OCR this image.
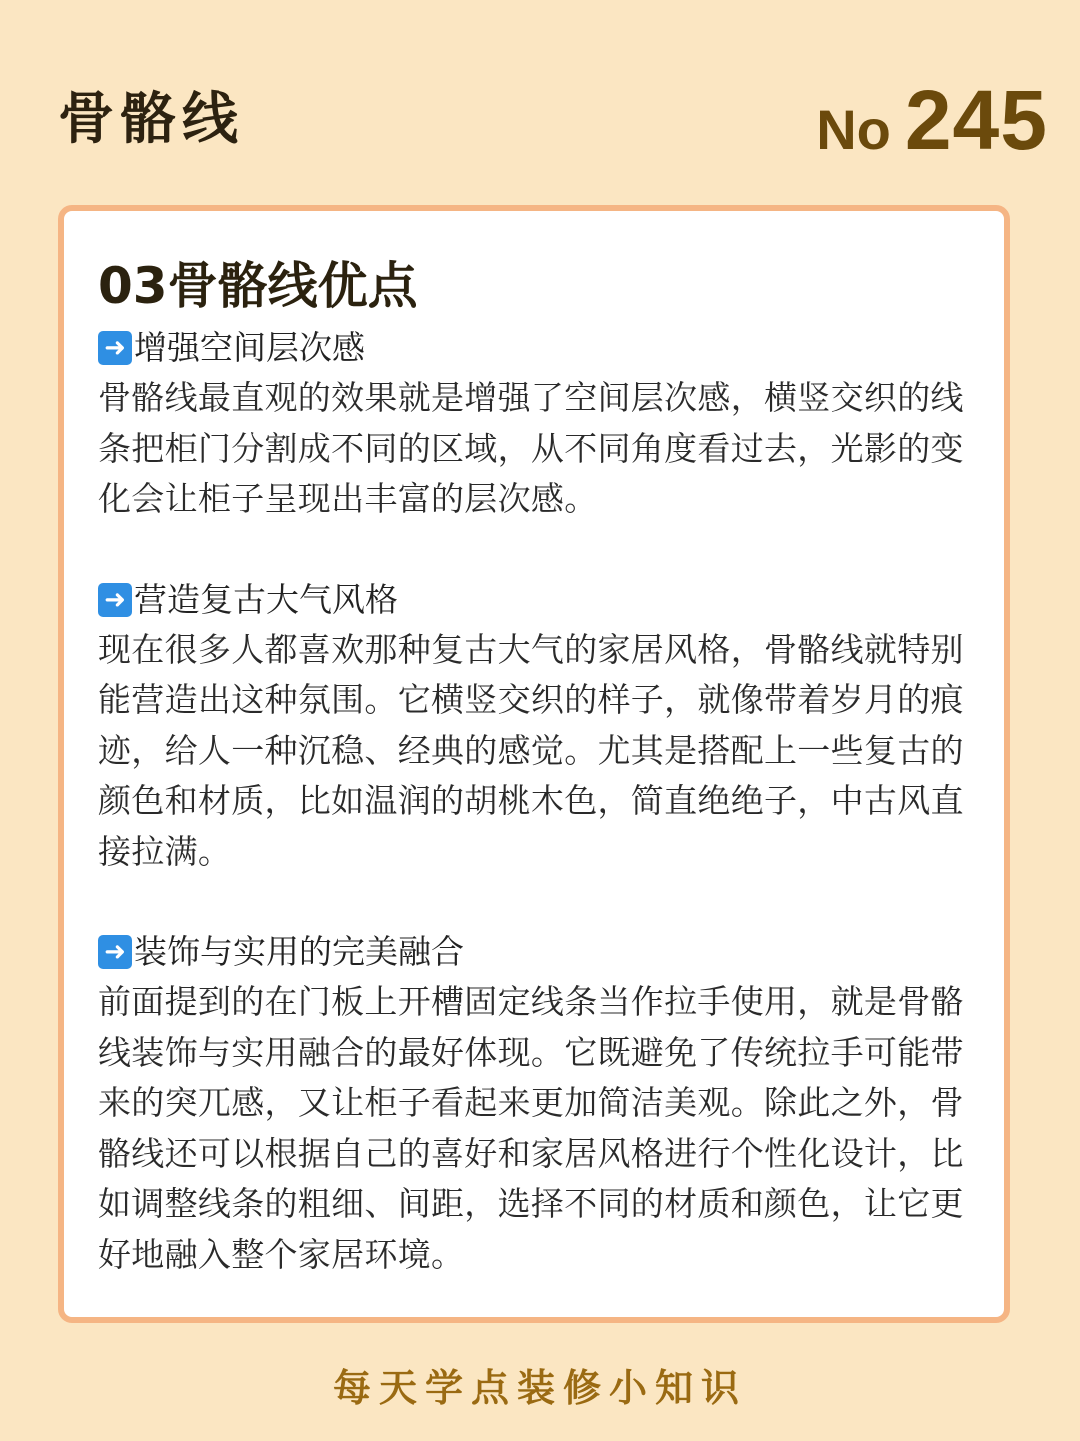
骨骼线	No 245
03骨骼线优点
➜ 增强空间层次感

骨骼线最直观的效果就是增强了空间层次感，横竖交织的线条把柜门分割成不同的区域，从不同角度看过去，光影的变化会让柜子呈现出丰富的层次感。

➜ 营造复古大气风格

现在很多人都喜欢那种复古大气的家居风格，骨骼线就特别能营造出这种氛围。它横竖交织的样子，就像带着岁月的痕迹，给人一种沉稳、经典的感觉。尤其是搭配上一些复古的颜色和材质，比如温润的胡桃木色，简直绝绝子，中古风直接拉满。

➜ 装饰与实用的完美融合

前面提到的在门板上开槽固定线条当作拉手使用，就是骨骼线装饰与实用融合的最好体现。它既避免了传统拉手可能带来的突兀感，又让柜子看起来更加简洁美观。除此之外，骨骼线还可以根据自己的喜好和家居风格进行个性化设计，比如调整线条的粗细、间距，选择不同的材质和颜色，让它更好地融入整个家居环境。

每天学点装修小知识
